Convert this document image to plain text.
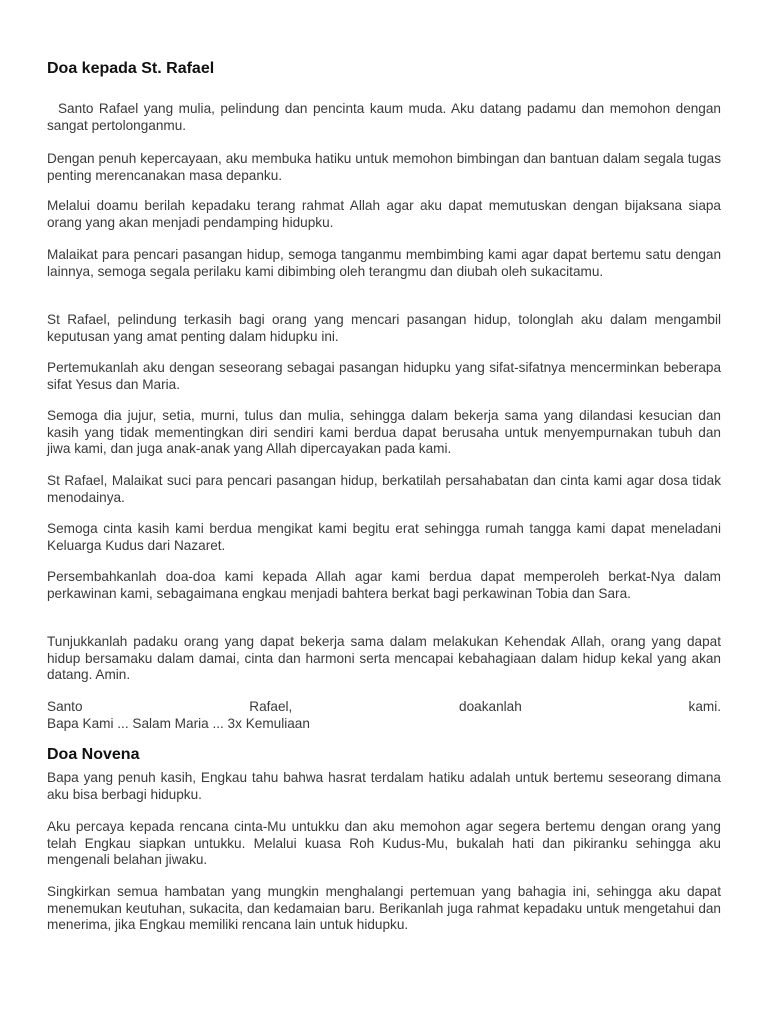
Doa kepada St. Rafael

Santo Rafael yang mulia, pelindung dan pencinta kaum muda. Aku datang padamu dan memohon dengan sangat pertolonganmu.

Dengan penuh kepercayaan, aku membuka hatiku untuk memohon bimbingan dan bantuan dalam segala tugas penting merencanakan masa depanku.

Melalui doamu berilah kepadaku terang rahmat Allah agar aku dapat memutuskan dengan bijaksana siapa orang yang akan menjadi pendamping hidupku.

Malaikat para pencari pasangan hidup, semoga tanganmu membimbing kami agar dapat bertemu satu dengan lainnya, semoga segala perilaku kami dibimbing oleh terangmu dan diubah oleh sukacitamu.

St Rafael, pelindung terkasih bagi orang yang mencari pasangan hidup, tolonglah aku dalam mengambil keputusan yang amat penting dalam hidupku ini.

Pertemukanlah aku dengan seseorang sebagai pasangan hidupku yang sifat-sifatnya mencerminkan beberapa sifat Yesus dan Maria.

Semoga dia jujur, setia, murni, tulus dan mulia, sehingga dalam bekerja sama yang dilandasi kesucian dan kasih yang tidak mementingkan diri sendiri kami berdua dapat berusaha untuk menyempurnakan tubuh dan jiwa kami, dan juga anak-anak yang Allah dipercayakan pada kami.

St Rafael, Malaikat suci para pencari pasangan hidup, berkatilah persahabatan dan cinta kami agar dosa tidak menodainya.

Semoga cinta kasih kami berdua mengikat kami begitu erat sehingga rumah tangga kami dapat meneladani Keluarga Kudus dari Nazaret.

Persembahkanlah doa-doa kami kepada Allah agar kami berdua dapat memperoleh berkat-Nya dalam perkawinan kami, sebagaimana engkau menjadi bahtera berkat bagi perkawinan Tobia dan Sara.

Tunjukkanlah padaku orang yang dapat bekerja sama dalam melakukan Kehendak Allah, orang yang dapat hidup bersamaku dalam damai, cinta dan harmoni serta mencapai kebahagiaan dalam hidup kekal yang akan datang. Amin.

Santo	Rafael,	doakanlah	kami.
Bapa Kami ... Salam Maria ... 3x Kemuliaan
Doa Novena

Bapa yang penuh kasih, Engkau tahu bahwa hasrat terdalam hatiku adalah untuk bertemu seseorang dimana aku bisa berbagi hidupku.

Aku percaya kepada rencana cinta-Mu untukku dan aku memohon agar segera bertemu dengan orang yang telah Engkau siapkan untukku. Melalui kuasa Roh Kudus-Mu, bukalah hati dan pikiranku sehingga aku mengenali belahan jiwaku.

Singkirkan semua hambatan yang mungkin menghalangi pertemuan yang bahagia ini, sehingga aku dapat menemukan keutuhan, sukacita, dan kedamaian baru. Berikanlah juga rahmat kepadaku untuk mengetahui dan menerima, jika Engkau memiliki rencana lain untuk hidupku.
